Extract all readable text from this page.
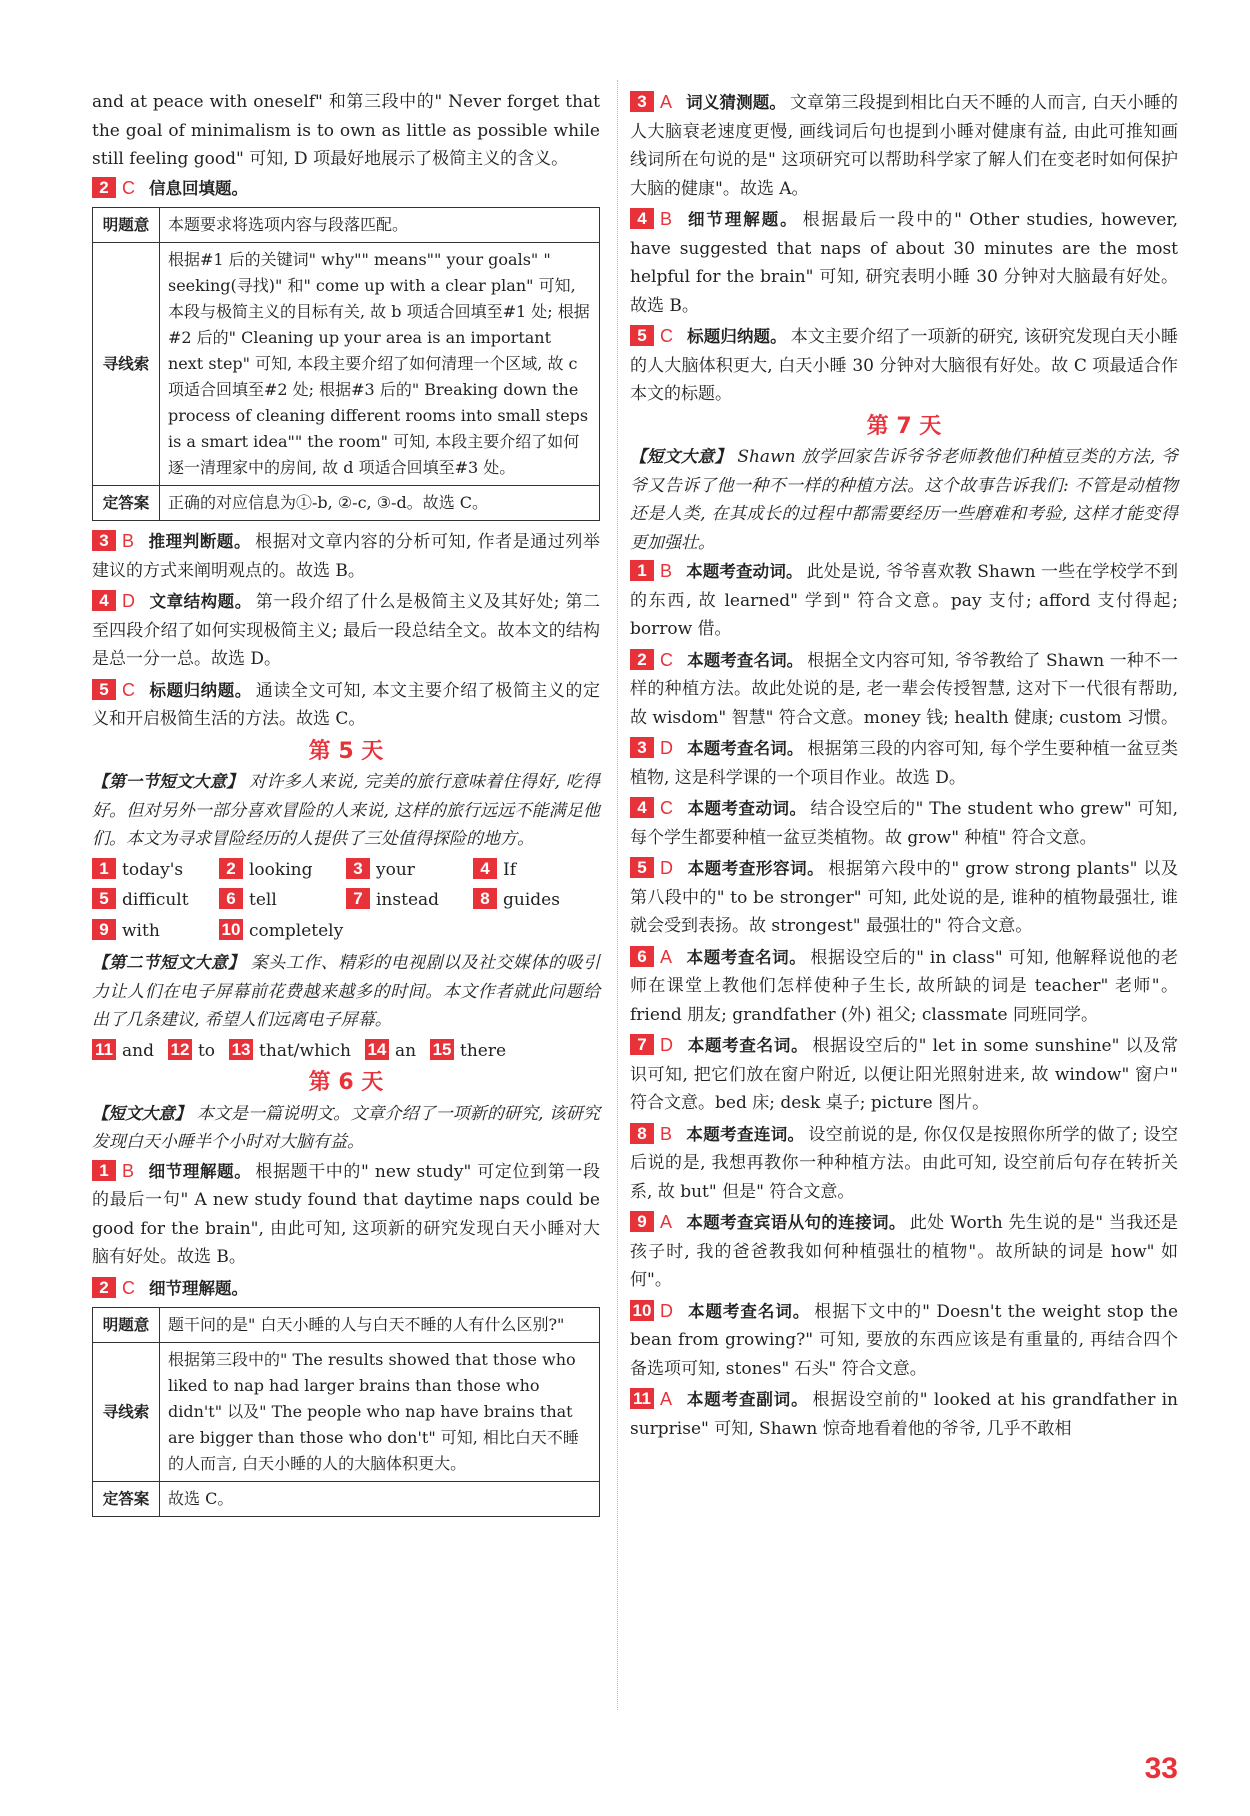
and at peace with oneself" 和第三段中的" Never forget that the goal of minimalism is to own as little as possible while still feeling good" 可知, D 项最好地展示了极简主义的含义。

2 C 信息回填题。

明题意	本题要求将选项内容与段落匹配。
寻线索	根据#1 后的关键词" why"" means"" your goals" " seeking(寻找)" 和" come up with a clear plan" 可知, 本段与极简主义的目标有关, 故 b 项适合回填至#1 处; 根据#2 后的" Cleaning up your area is an important next step" 可知, 本段主要介绍了如何清理一个区域, 故 c 项适合回填至#2 处; 根据#3 后的" Breaking down the process of cleaning different rooms into small steps is a smart idea"" the room" 可知, 本段主要介绍了如何逐一清理家中的房间, 故 d 项适合回填至#3 处。
定答案	正确的对应信息为①-b, ②-c, ③-d。故选 C。

3 B 推理判断题。 根据对文章内容的分析可知, 作者是通过列举建议的方式来阐明观点的。故选 B。

4 D 文章结构题。 第一段介绍了什么是极简主义及其好处; 第二至四段介绍了如何实现极简主义; 最后一段总结全文。故本文的结构是总一分一总。故选 D。

5 C 标题归纳题。 通读全文可知, 本文主要介绍了极简主义的定义和开启极简生活的方法。故选 C。

第 5 天

【第一节短文大意】 对许多人来说, 完美的旅行意味着住得好, 吃得好。但对另外一部分喜欢冒险的人来说, 这样的旅行远远不能满足他们。本文为寻求冒险经历的人提供了三处值得探险的地方。

1 today's	2 looking	3 your	4 If
5 difficult	6 tell	7 instead	8 guides
9 with	10 completely

【第二节短文大意】 案头工作、精彩的电视剧以及社交媒体的吸引力让人们在电子屏幕前花费越来越多的时间。本文作者就此问题给出了几条建议, 希望人们远离电子屏幕。

11 and 12 to 13 that/which 14 an 15 there
第 6 天

【短文大意】 本文是一篇说明文。文章介绍了一项新的研究, 该研究发现白天小睡半个小时对大脑有益。

1 B 细节理解题。 根据题干中的" new study" 可定位到第一段的最后一句" A new study found that daytime naps could be good for the brain", 由此可知, 这项新的研究发现白天小睡对大脑有好处。故选 B。

2 C 细节理解题。

明题意	题干问的是" 白天小睡的人与白天不睡的人有什么区别?"
寻线索	根据第三段中的" The results showed that those who liked to nap had larger brains than those who didn't" 以及" The people who nap have brains that are bigger than those who don't" 可知, 相比白天不睡的人而言, 白天小睡的人的大脑体积更大。
定答案	故选 C。

3 A 词义猜测题。 文章第三段提到相比白天不睡的人而言, 白天小睡的人大脑衰老速度更慢, 画线词后句也提到小睡对健康有益, 由此可推知画线词所在句说的是" 这项研究可以帮助科学家了解人们在变老时如何保护大脑的健康"。故选 A。

4 B 细节理解题。 根据最后一段中的" Other studies, however, have suggested that naps of about 30 minutes are the most helpful for the brain" 可知, 研究表明小睡 30 分钟对大脑最有好处。故选 B。

5 C 标题归纳题。 本文主要介绍了一项新的研究, 该研究发现白天小睡的人大脑体积更大, 白天小睡 30 分钟对大脑很有好处。故 C 项最适合作本文的标题。

第 7 天

【短文大意】 Shawn 放学回家告诉爷爷老师教他们种植豆类的方法, 爷爷又告诉了他一种不一样的种植方法。这个故事告诉我们: 不管是动植物还是人类, 在其成长的过程中都需要经历一些磨难和考验, 这样才能变得更加强壮。

1 B 本题考查动词。 此处是说, 爷爷喜欢教 Shawn 一些在学校学不到的东西, 故 learned" 学到" 符合文意。pay 支付; afford 支付得起; borrow 借。

2 C 本题考查名词。 根据全文内容可知, 爷爷教给了 Shawn 一种不一样的种植方法。故此处说的是, 老一辈会传授智慧, 这对下一代很有帮助, 故 wisdom" 智慧" 符合文意。money 钱; health 健康; custom 习惯。

3 D 本题考查名词。 根据第三段的内容可知, 每个学生要种植一盆豆类植物, 这是科学课的一个项目作业。故选 D。

4 C 本题考查动词。 结合设空后的" The student who grew" 可知, 每个学生都要种植一盆豆类植物。故 grow" 种植" 符合文意。

5 D 本题考查形容词。 根据第六段中的" grow strong plants" 以及第八段中的" to be stronger" 可知, 此处说的是, 谁种的植物最强壮, 谁就会受到表扬。故 strongest" 最强壮的" 符合文意。

6 A 本题考查名词。 根据设空后的" in class" 可知, 他解释说他的老师在课堂上教他们怎样使种子生长, 故所缺的词是 teacher" 老师"。friend 朋友; grandfather (外) 祖父; classmate 同班同学。

7 D 本题考查名词。 根据设空后的" let in some sunshine" 以及常识可知, 把它们放在窗户附近, 以便让阳光照射进来, 故 window" 窗户" 符合文意。bed 床; desk 桌子; picture 图片。

8 B 本题考查连词。 设空前说的是, 你仅仅是按照你所学的做了; 设空后说的是, 我想再教你一种种植方法。由此可知, 设空前后句存在转折关系, 故 but" 但是" 符合文意。

9 A 本题考查宾语从句的连接词。 此处 Worth 先生说的是" 当我还是孩子时, 我的爸爸教我如何种植强壮的植物"。故所缺的词是 how" 如何"。

10 D 本题考查名词。 根据下文中的" Doesn't the weight stop the bean from growing?" 可知, 要放的东西应该是有重量的, 再结合四个备选项可知, stones" 石头" 符合文意。

11 A 本题考查副词。 根据设空前的" looked at his grandfather in surprise" 可知, Shawn 惊奇地看着他的爷爷, 几乎不敢相

33
